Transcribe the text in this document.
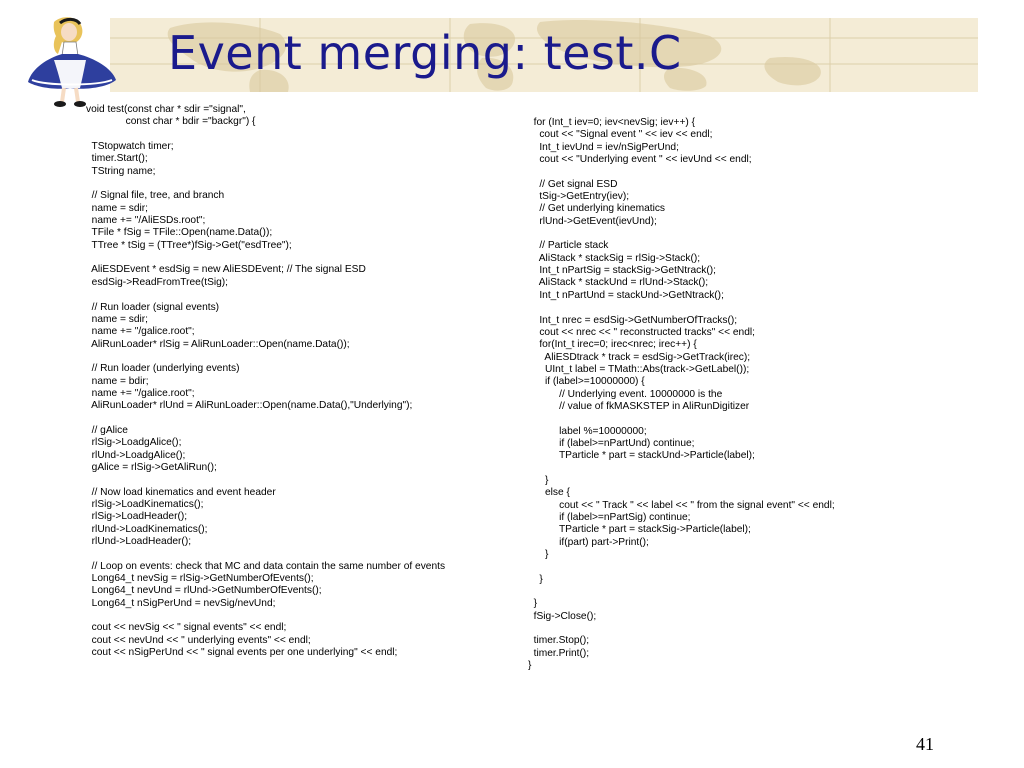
Event merging: test.C
void test(const char * sdir ="signal",
const char * bdir ="backgr") {

TStopwatch timer;
timer.Start();
TString name;

// Signal file, tree, and branch
name = sdir;
name += "/AliESDs.root";
TFile * fSig = TFile::Open(name.Data());
TTree * tSig = (TTree*)fSig->Get("esdTree");

AliESDEvent * esdSig = new AliESDEvent; // The signal ESD
esdSig->ReadFromTree(tSig);

// Run loader (signal events)
name = sdir;
name += "/galice.root";
AliRunLoader* rlSig = AliRunLoader::Open(name.Data());

// Run loader (underlying events)
name = bdir;
name += "/galice.root";
AliRunLoader* rlUnd = AliRunLoader::Open(name.Data(),"Underlying");

// gAlice
rlSig->LoadgAlice();
rlUnd->LoadgAlice();
gAlice = rlSig->GetAliRun();

// Now load kinematics and event header
rlSig->LoadKinematics();
rlSig->LoadHeader();
rlUnd->LoadKinematics();
rlUnd->LoadHeader();

// Loop on events: check that MC and data contain the same number of events
Long64_t nevSig = rlSig->GetNumberOfEvents();
Long64_t nevUnd = rlUnd->GetNumberOfEvents();
Long64_t nSigPerUnd = nevSig/nevUnd;

cout << nevSig << " signal events" << endl;
cout << nevUnd << " underlying events" << endl;
cout << nSigPerUnd << " signal events per one underlying" << endl;
for (Int_t iev=0; iev<nevSig; iev++) {
cout << "Signal event " << iev << endl;
Int_t ievUnd = iev/nSigPerUnd;
cout << "Underlying event " << ievUnd << endl;

// Get signal ESD
tSig->GetEntry(iev);
// Get underlying kinematics
rlUnd->GetEvent(ievUnd);

// Particle stack
AliStack * stackSig = rlSig->Stack();
Int_t nPartSig = stackSig->GetNtrack();
AliStack * stackUnd = rlUnd->Stack();
Int_t nPartUnd = stackUnd->GetNtrack();

Int_t nrec = esdSig->GetNumberOfTracks();
cout << nrec << " reconstructed tracks" << endl;
for(Int_t irec=0; irec<nrec; irec++) {
AliESDtrack * track = esdSig->GetTrack(irec);
UInt_t label = TMath::Abs(track->GetLabel());
if (label>=10000000) {
// Underlying event. 10000000 is the
// value of fkMASKSTEP in AliRunDigitizer

label %=10000000;
if (label>=nPartUnd) continue;
TParticle * part = stackUnd->Particle(label);

}
else {
cout << " Track " << label << " from the signal event" << endl;
if (label>=nPartSig) continue;
TParticle * part = stackSig->Particle(label);
if(part) part->Print();
}

}

}
fSig->Close();

timer.Stop();
timer.Print();
}
41
